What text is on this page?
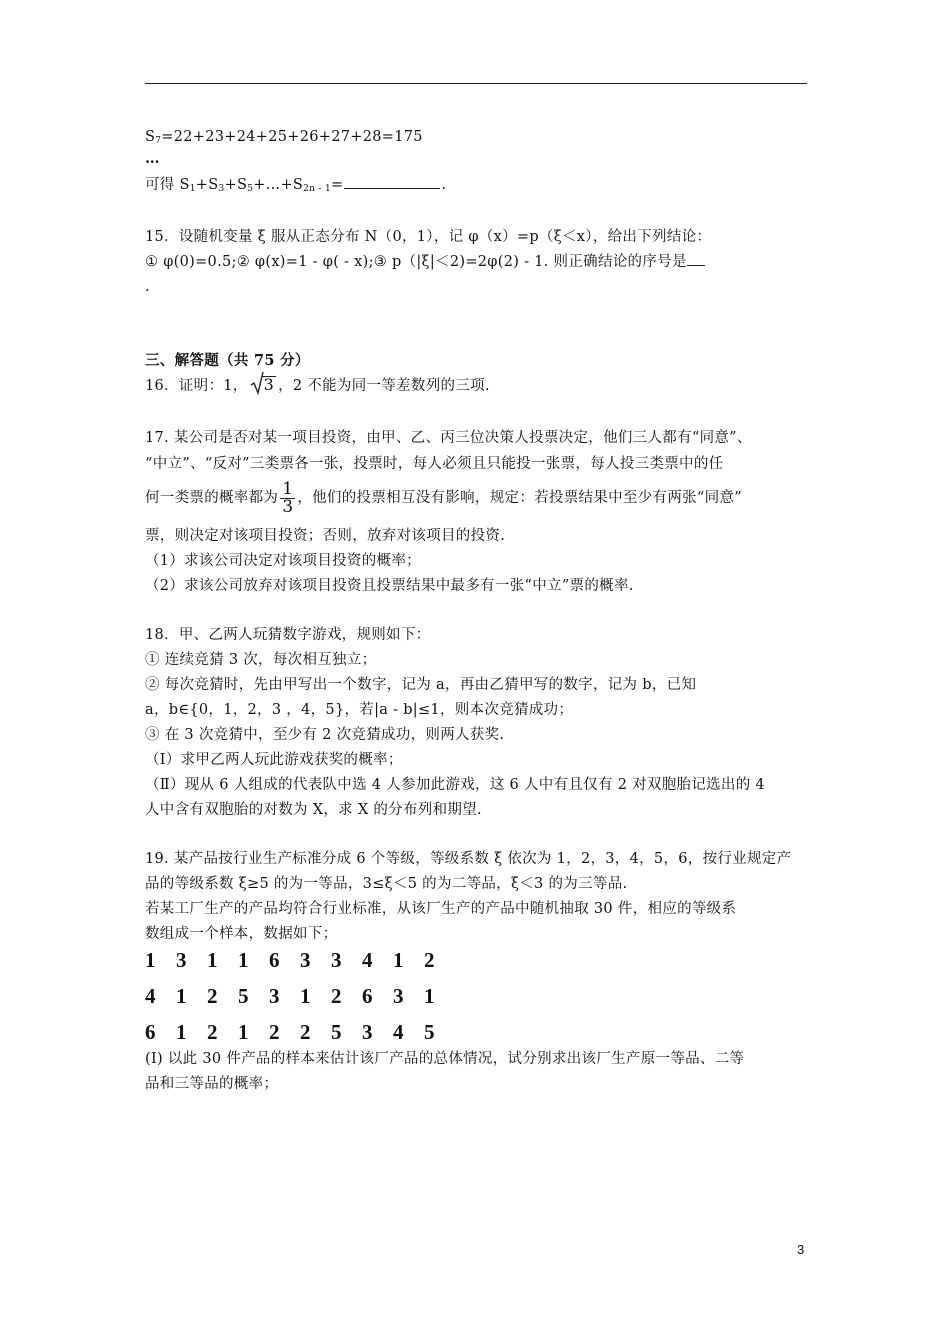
$S_7=22+23+24+25+26+27+28=175$
…
可得 $S_1+S_3+S_5+\dots+S_{2n - 1}=$	.
15．设随机变量 ξ 服从正态分布 N（0，1），记 φ（x）=p（ξ＜x），给出下列结论：
① φ(0)=0.5;② φ(x)=1 - φ( - x);③ p（|ξ|＜2)=2φ(2) - 1. 则正确结论的序号是
.
三、解答题（共 75 分）
16．证明：1， 3 ，2 不能为同一等差数列的三项.
17. 某公司是否对某一项目投资，由甲、乙、丙三位决策人投票决定，他们三人都有“同意”、
“中立”、“反对”三类票各一张，投票时，每人必须且只能投一张票，每人投三类票中的任
何一类票的概率都为 $\frac{1}{3}$ ，他们的投票相互没有影响，规定：若投票结果中至少有两张“同意”
票，则决定对该项目投资；否则，放弃对该项目的投资.
（1）求该公司决定对该项目投资的概率；
（2）求该公司放弃对该项目投资且投票结果中最多有一张“中立”票的概率.
18．甲、乙两人玩猜数字游戏，规则如下：
① 连续竞猜 3 次，每次相互独立；
② 每次竞猜时，先由甲写出一个数字，记为 a，再由乙猜甲写的数字，记为 b，已知
a，b∈{0，1，2，3 ，4，5}，若|a - b|≤1，则本次竞猜成功；
③ 在 3 次竞猜中，至少有 2 次竞猜成功，则两人获奖.
（Ⅰ）求甲乙两人玩此游戏获奖的概率；
（Ⅱ）现从 6 人组成的代表队中选 4 人参加此游戏，这 6 人中有且仅有 2 对双胞胎记选出的 4
人中含有双胞胎的对数为 X，求 X 的分布列和期望.
19. 某产品按行业生产标准分成 6 个等级，等级系数 ξ 依次为 1，2，3，4，5，6，按行业规定产
品的等级系数 ξ≥5 的为一等品，3≤ξ＜5 的为二等品，ξ＜3 的为三等品.
若某工厂生产的产品均符合行业标准，从该厂生产的产品中随机抽取 30 件，相应的等级系
数组成一个样本，数据如下；
1	3	1	1	6	3	3	4	1	2
4	1	2	5	3	1	2	6	3	1
6	1	2	1	2	2	5	3	4	5
(Ⅰ) 以此 30 件产品的样本来估计该厂产品的总体情况，试分别求出该厂生产原一等品、二等
品和三等品的概率；
3
